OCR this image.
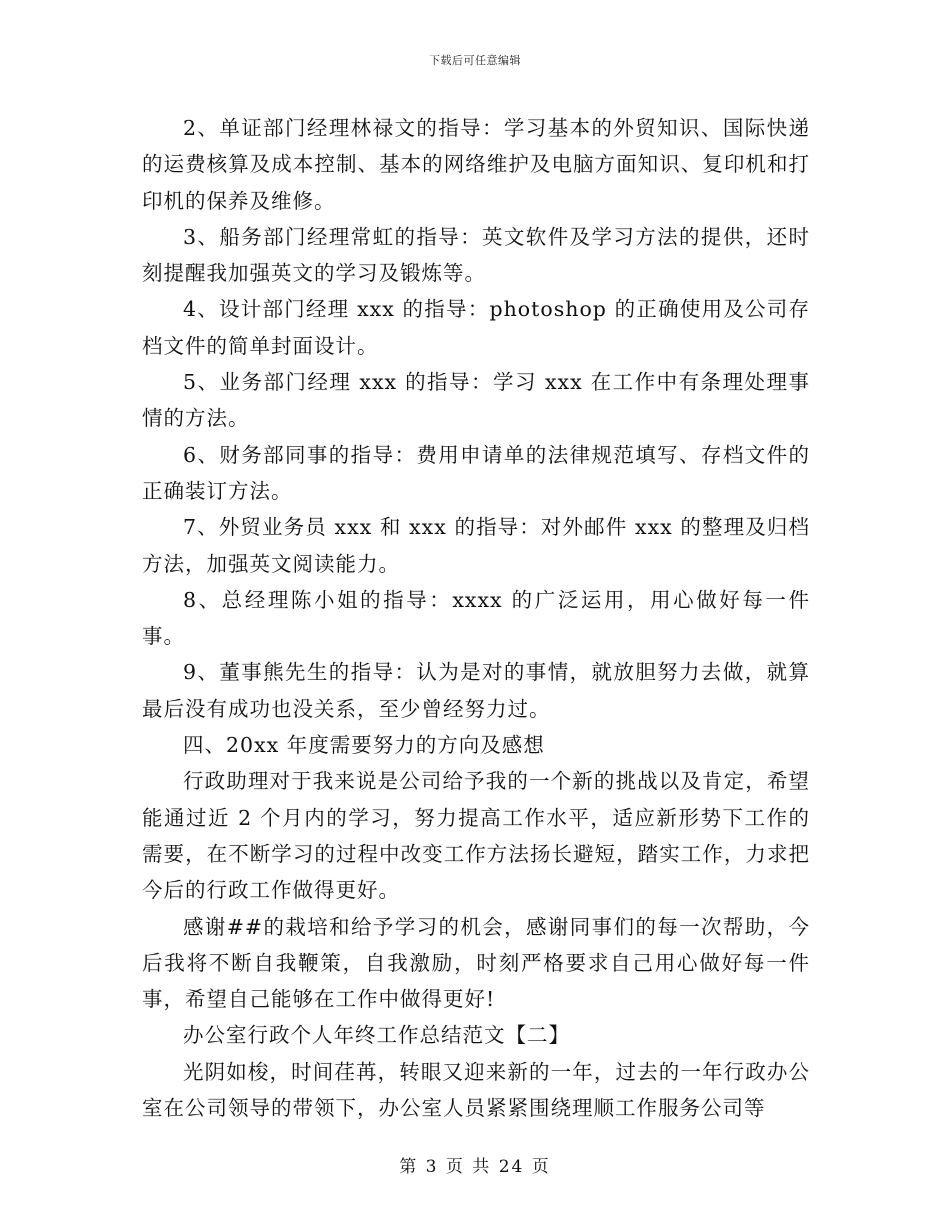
下载后可任意编辑

2、单证部门经理林禄文的指导：学习基本的外贸知识、国际快递的运费核算及成本控制、基本的网络维护及电脑方面知识、复印机和打印机的保养及维修。

3、船务部门经理常虹的指导：英文软件及学习方法的提供，还时刻提醒我加强英文的学习及锻炼等。

4、设计部门经理 xxx 的指导：photoshop 的正确使用及公司存档文件的简单封面设计。

5、业务部门经理 xxx 的指导：学习 xxx 在工作中有条理处理事情的方法。

6、财务部同事的指导：费用申请单的法律规范填写、存档文件的正确装订方法。

7、外贸业务员 xxx 和 xxx 的指导：对外邮件 xxx 的整理及归档方法，加强英文阅读能力。

8、总经理陈小姐的指导：xxxx 的广泛运用，用心做好每一件事。

9、董事熊先生的指导：认为是对的事情，就放胆努力去做，就算最后没有成功也没关系，至少曾经努力过。

四、20xx 年度需要努力的方向及感想

行政助理对于我来说是公司给予我的一个新的挑战以及肯定，希望能通过近 2 个月内的学习，努力提高工作水平，适应新形势下工作的需要，在不断学习的过程中改变工作方法扬长避短，踏实工作，力求把今后的行政工作做得更好。

感谢##的栽培和给予学习的机会，感谢同事们的每一次帮助，今后我将不断自我鞭策，自我激励，时刻严格要求自己用心做好每一件事，希望自己能够在工作中做得更好!

办公室行政个人年终工作总结范文【二】

光阴如梭，时间荏苒，转眼又迎来新的一年，过去的一年行政办公室在公司领导的带领下，办公室人员紧紧围绕理顺工作服务公司等

第 3 页 共 24 页
